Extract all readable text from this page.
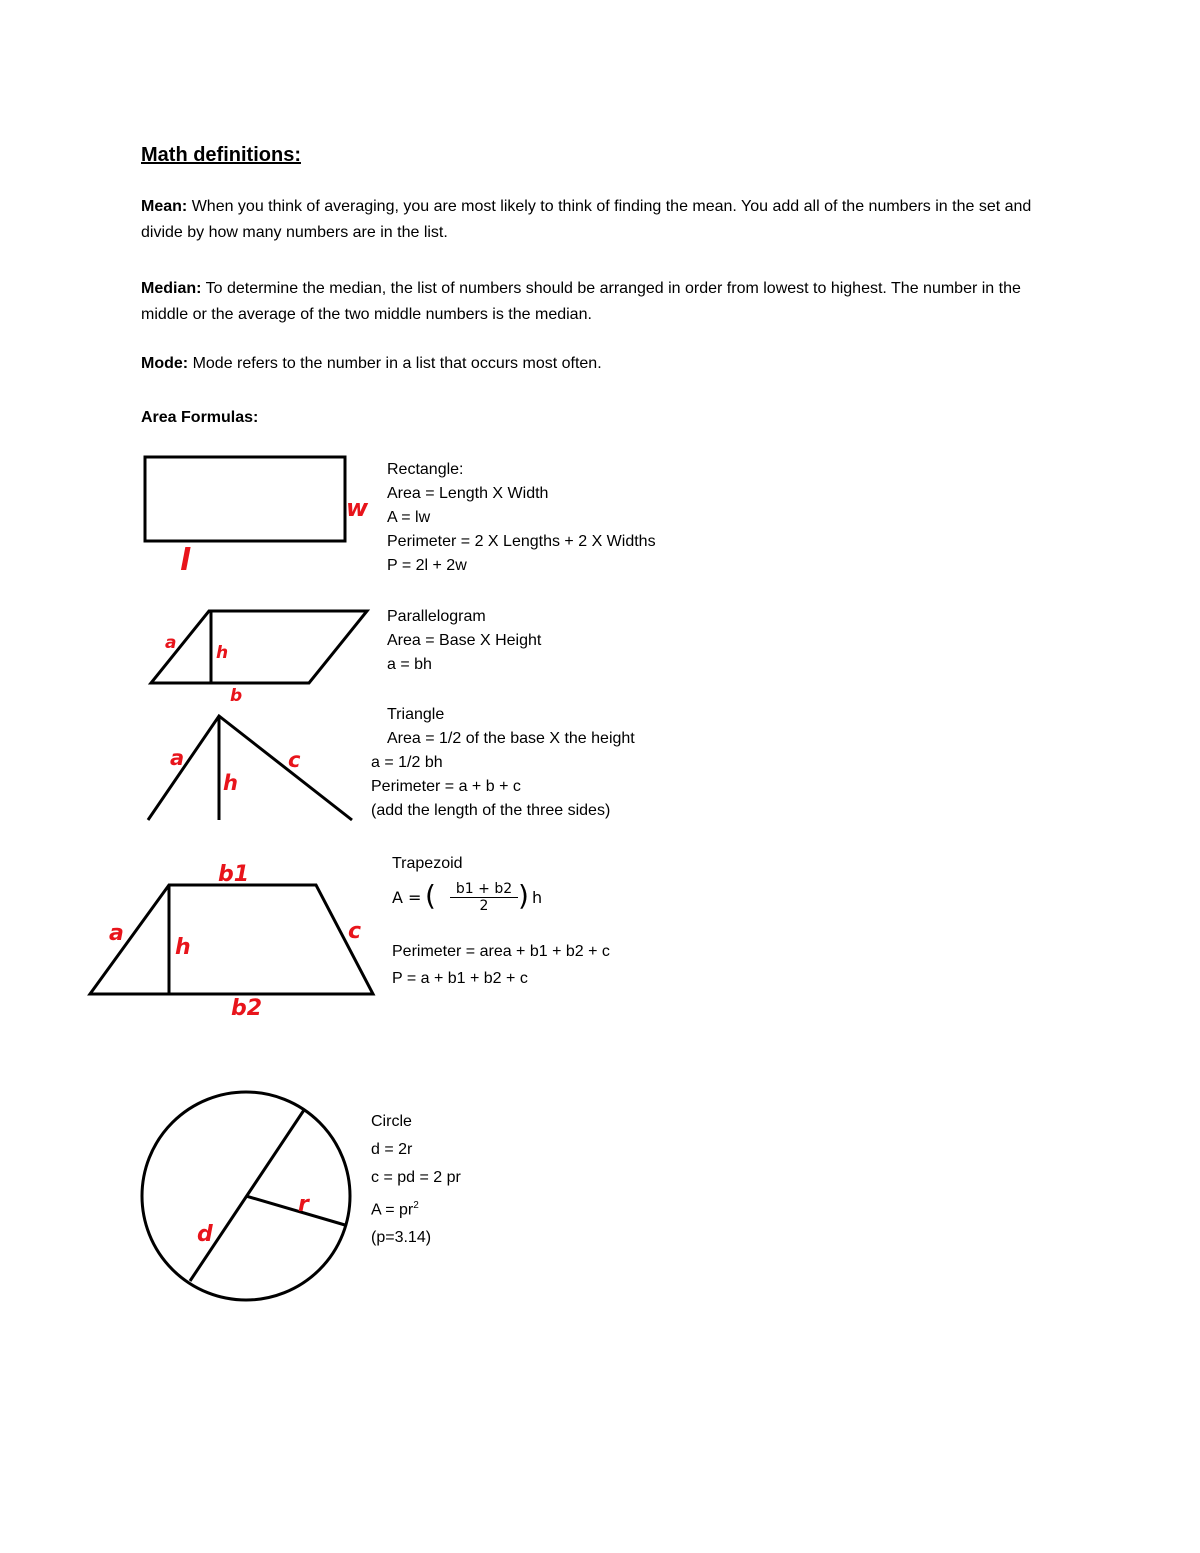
Math definitions:
Mean: When you think of averaging, you are most likely to think of finding the mean. You add all of the numbers in the set and divide by how many numbers are in the list.
Median: To determine the median, the list of numbers should be arranged in order from lowest to highest. The number in the middle or the average of the two middle numbers is the median.
Mode: Mode refers to the number in a list that occurs most often.
Area Formulas:
w
l
Rectangle:
Area = Length X Width
A = lw
Perimeter = 2 X Lengths + 2 X Widths
P = 2l + 2w
a h
b
Parallelogram
Area = Base X Height
a = bh
a
h
c
Triangle
Area = 1/2 of the base X the height
a = 1/2 bh
Perimeter = a + b + c
(add the length of the three sides)
b1
b2
a
h
c
Trapezoid
A = (	b1 + b2
2	) h
Perimeter = area + b1 + b2 + c
P = a + b1 + b2 + c
r
d
Circle
d = 2r
c = pd = 2 pr
$A = pr^2$
(p=3.14)
